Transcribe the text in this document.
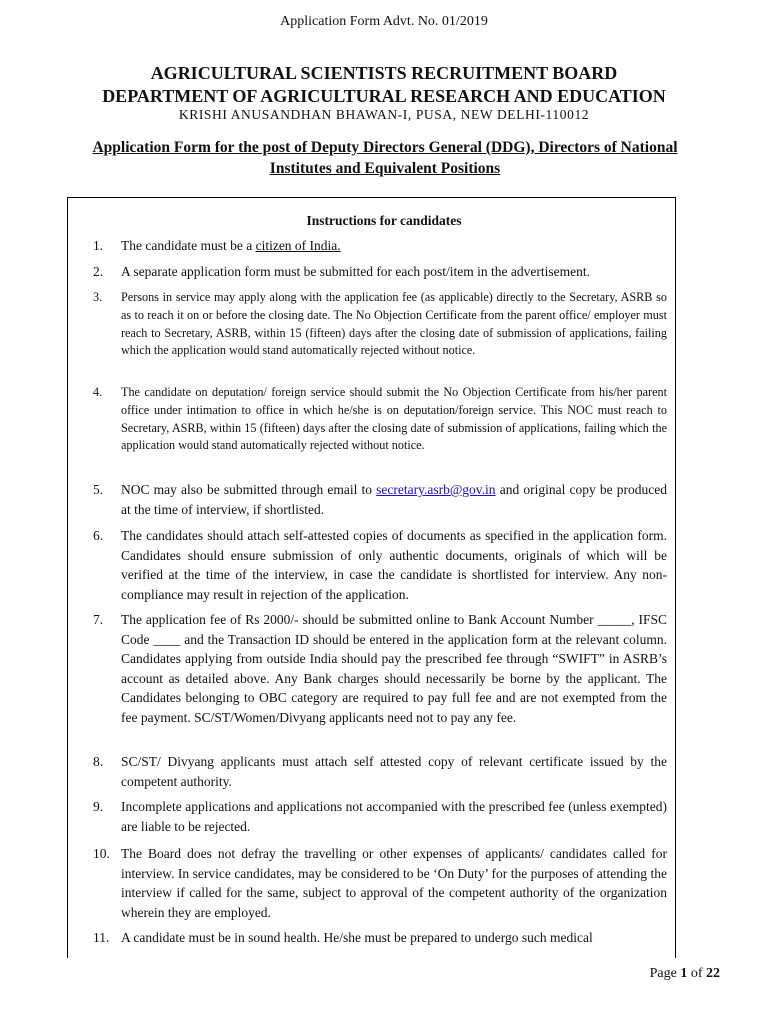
Application Form Advt. No. 01/2019
AGRICULTURAL SCIENTISTS RECRUITMENT BOARD
DEPARTMENT OF AGRICULTURAL RESEARCH AND EDUCATION
KRISHI ANUSANDHAN BHAWAN-I, PUSA, NEW DELHI-110012
Application Form for the post of Deputy Directors General (DDG), Directors of National Institutes and Equivalent Positions
Instructions for candidates
1.	The candidate must be a citizen of India.
2.	A separate application form must be submitted for each post/item in the advertisement.
3.	Persons in service may apply along with the application fee (as applicable) directly to the Secretary, ASRB so as to reach it on or before the closing date. The No Objection Certificate from the parent office/ employer must reach to Secretary, ASRB, within 15 (fifteen) days after the closing date of submission of applications, failing which the application would stand automatically rejected without notice.
4.	The candidate on deputation/ foreign service should submit the No Objection Certificate from his/her parent office under intimation to office in which he/she is on deputation/foreign service. This NOC must reach to Secretary, ASRB, within 15 (fifteen) days after the closing date of submission of applications, failing which the application would stand automatically rejected without notice.
5.	NOC may also be submitted through email to secretary.asrb@gov.in and original copy be produced at the time of interview, if shortlisted.
6.	The candidates should attach self-attested copies of documents as specified in the application form. Candidates should ensure submission of only authentic documents, originals of which will be verified at the time of the interview, in case the candidate is shortlisted for interview. Any non-compliance may result in rejection of the application.
7.	The application fee of Rs 2000/- should be submitted online to Bank Account Number _____, IFSC Code ____ and the Transaction ID should be entered in the application form at the relevant column. Candidates applying from outside India should pay the prescribed fee through “SWIFT” in ASRB’s account as detailed above. Any Bank charges should necessarily be borne by the applicant. The Candidates belonging to OBC category are required to pay full fee and are not exempted from the fee payment. SC/ST/Women/Divyang applicants need not to pay any fee.
8.	SC/ST/ Divyang applicants must attach self attested copy of relevant certificate issued by the competent authority.
9.	Incomplete applications and applications not accompanied with the prescribed fee (unless exempted) are liable to be rejected.
10. The Board does not defray the travelling or other expenses of applicants/ candidates called for interview. In service candidates, may be considered to be ‘On Duty’ for the purposes of attending the interview if called for the same, subject to approval of the competent authority of the organization wherein they are employed.
11. A candidate must be in sound health. He/she must be prepared to undergo such medical
Page 1 of 22
